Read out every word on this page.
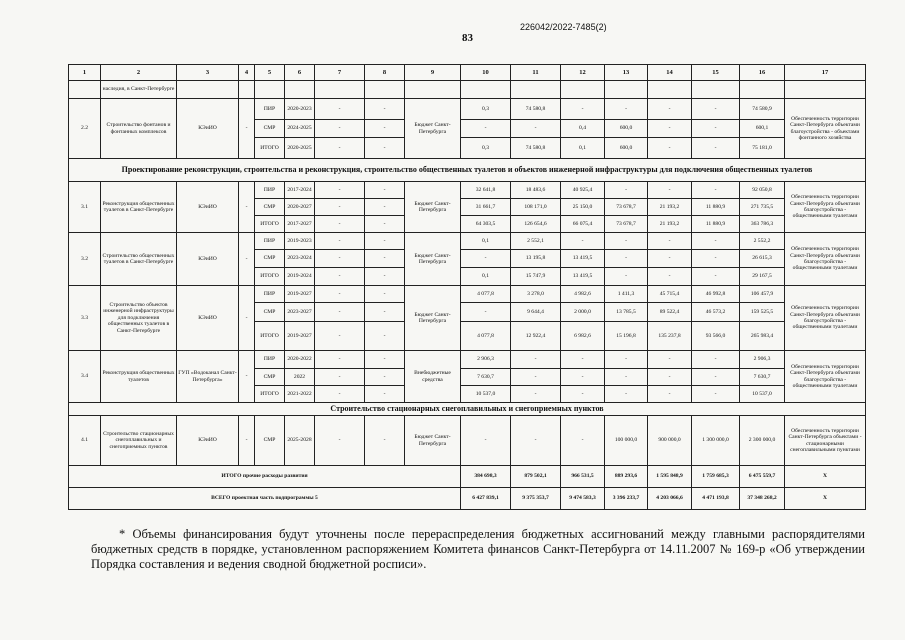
226042/2022-7485(2)
83
1	2	3	4	5	6	7	8	9	10	11	12	13	14	15	16	17
	наследия, в Санкт-Петербурге															
2.2	Строительство фонтанов и фонтанных комплексов	КЭиИО	-	ПИР	2020-2023	-	-	Бюджет Санкт-Петербурга	0,3	74 580,8	-	-	-	-	74 580,9	Обеспеченность территории Санкт-Петербурга объектами благоустройства - объектами фонтанного хозяйства
				СМР	2024-2025	-	-		-	-	0,4	600,0	-	-	600,1	
				ИТОГО	2020-2025	-	-		0,3	74 580,8	0,1	600,0	-	-	75 181,0	
Проектирование реконструкции, строительства и реконструкция, строительство общественных туалетов и объектов инженерной инфраструктуры для подключения общественных туалетов																
3.1	Реконструкция общественных туалетов в Санкт-Петербурге	КЭиИО	-	ПИР	2017-2024	-	-	Бюджет Санкт-Петербурга	32 641,8	18 483,6	40 925,4	-	-	-	92 050,8	Обеспеченность территории Санкт-Петербурга объектами благоустройства - общественными туалетами
				СМР	2020-2027	-	-		31 661,7	108 171,0	25 150,0	73 678,7	21 193,2	11 880,9	271 735,5	
				ИТОГО	2017-2027	-	-		64 303,5	126 654,6	66 075,4	73 678,7	21 193,2	11 880,9	363 786,3	
3.2	Строительство общественных туалетов в Санкт-Петербурге	КЭиИО	-	ПИР	2019-2023	-	-	Бюджет Санкт-Петербурга	0,1	2 552,1	-	-	-	-	2 552,2	Обеспеченность территории Санкт-Петербурга объектами благоустройства - общественными туалетами
				СМР	2023-2024	-	-		-	13 195,8	13 419,5	-	-	-	26 615,3	
				ИТОГО	2019-2024	-	-		0,1	15 747,9	13 419,5	-	-	-	29 167,5	
3.3	Строительство объектов инженерной инфраструктуры для подключения общественных туалетов в Санкт-Петербурге	КЭиИО	-	ПИР	2019-2027	-	-	Бюджет Санкт-Петербурга	4 077,8	3 278,0	4 982,6	1 411,3	45 715,4	46 992,8	106 457,9	Обеспеченность территории Санкт-Петербурга объектами благоустройства - общественными туалетами
				СМР	2023-2027	-	-		-	9 644,4	2 000,0	13 785,5	89 522,4	46 573,2	159 525,5	
				ИТОГО	2019-2027	-	-		4 077,8	12 922,4	6 982,6	15 196,8	135 237,8	93 566,0	265 983,4	
3.4	Реконструкция общественных туалетов	ГУП «Водоканал Санкт-Петербурга»	-	ПИР	2020-2022	-	-	Внебюджетные средства	2 906,3	-	-	-	-	-	2 906,3	Обеспеченность территории Санкт-Петербурга объектами благоустройства - общественными туалетами
				СМР	2022	-	-		7 630,7	-	-	-	-	-	7 630,7	
				ИТОГО	2021-2022	-	-		10 537,0	-	-	-	-	-	10 537,0	
Строительство стационарных снегоплавильных и снегоприемных пунктов																
4.1	Строительство стационарных снегоплавильных и снегоприемных пунктов	КЭиИО	-	СМР	2025-2028	-	-	Бюджет Санкт-Петербурга	-	-	-	100 000,0	900 000,0	1 300 000,0	2 300 000,0	Обеспеченность территории Санкт-Петербурга объектами - стационарными снегоплавильными пунктами
ИТОГО прочие расходы развития									384 698,3	879 502,1	966 531,5	889 293,6	1 595 848,9	1 759 685,3	6 475 559,7	X
ВСЕГО проектная часть подпрограммы 5									6 427 839,1	9 375 353,7	9 474 583,3	3 396 233,7	4 203 066,6	4 471 193,8	37 348 268,2	X

* Объемы финансирования будут уточнены после перераспределения бюджетных ассигнований между главными распорядителями бюджетных средств в порядке, установленном распоряжением Комитета финансов Санкт-Петербурга от 14.11.2007 № 169-р «Об утверждении Порядка составления и ведения сводной бюджетной росписи».
